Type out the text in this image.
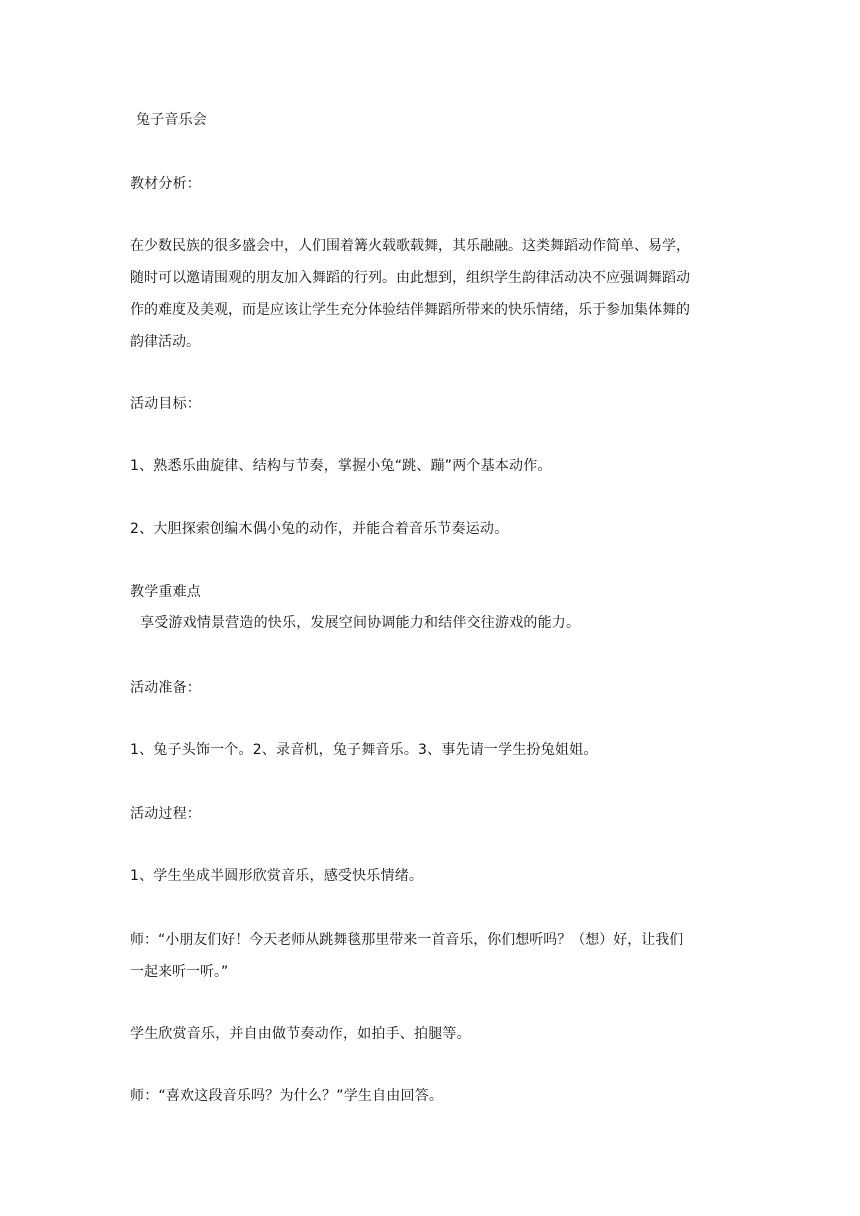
兔子音乐会
教材分析：
在少数民族的很多盛会中，人们围着篝火载歌载舞，其乐融融。这类舞蹈动作简单、易学，
随时可以邀请围观的朋友加入舞蹈的行列。由此想到，组织学生韵律活动决不应强调舞蹈动
作的难度及美观，而是应该让学生充分体验结伴舞蹈所带来的快乐情绪，乐于参加集体舞的
韵律活动。
活动目标：
1、熟悉乐曲旋律、结构与节奏，掌握小兔“跳、蹦”两个基本动作。
2、大胆探索创编木偶小兔的动作，并能合着音乐节奏运动。
教学重难点
享受游戏情景营造的快乐，发展空间协调能力和结伴交往游戏的能力。
活动准备：
1、兔子头饰一个。2、录音机，兔子舞音乐。3、事先请一学生扮兔姐姐。
活动过程：
1、学生坐成半圆形欣赏音乐，感受快乐情绪。
师：“小朋友们好！今天老师从跳舞毯那里带来一首音乐，你们想听吗？（想）好，让我们
一起来听一听。”
学生欣赏音乐，并自由做节奏动作，如拍手、拍腿等。
师：“喜欢这段音乐吗？为什么？”学生自由回答。
